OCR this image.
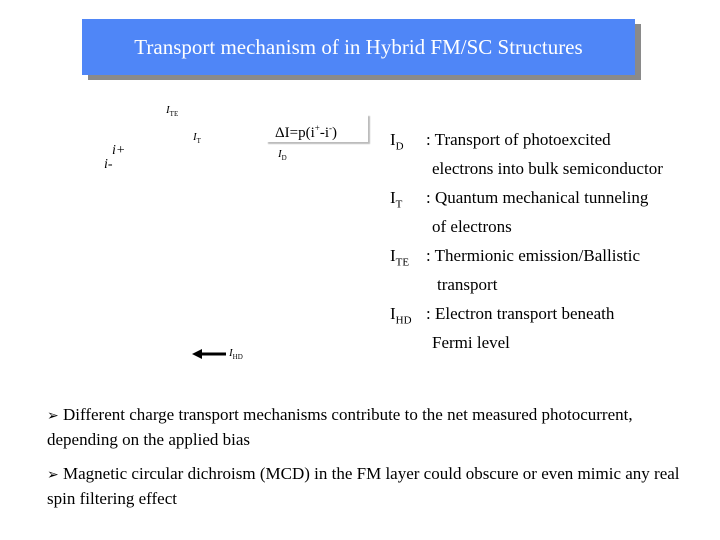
Transport mechanism of in Hybrid FM/SC Structures
$I_{TE}$
$I_T$
i+
i-
$I_D$
ΔI=p(i+-i-)
$I_{HD}$
$I_D$ : Transport of photoexcited
electrons into bulk semiconductor
$I_T$ : Quantum mechanical tunneling
of electrons
$I_{TE}$ : Thermionic emission/Ballistic
transport
$I_{HD}$ : Electron transport beneath
Fermi level
➢ Different charge transport mechanisms contribute to the net measured photocurrent, depending on the applied bias
➢ Magnetic circular dichroism (MCD) in the FM layer could obscure or even mimic any real spin filtering effect
